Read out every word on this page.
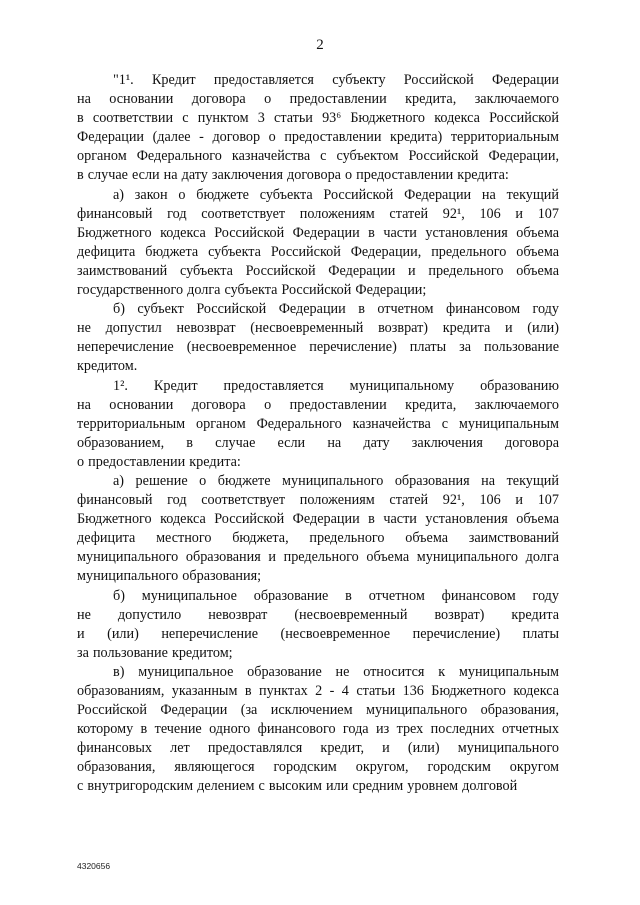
2
"1¹. Кредит предоставляется субъекту Российской Федерации
на основании договора о предоставлении кредита, заключаемого
в соответствии с пунктом 3 статьи 93⁶ Бюджетного кодекса Российской
Федерации (далее - договор о предоставлении кредита) территориальным
органом Федерального казначейства с субъектом Российской Федерации,
в случае если на дату заключения договора о предоставлении кредита:
а) закон о бюджете субъекта Российской Федерации на текущий
финансовый год соответствует положениям статей 92¹, 106 и 107
Бюджетного кодекса Российской Федерации в части установления объема
дефицита бюджета субъекта Российской Федерации, предельного объема
заимствований субъекта Российской Федерации и предельного объема
государственного долга субъекта Российской Федерации;
б) субъект Российской Федерации в отчетном финансовом году
не допустил невозврат (несвоевременный возврат) кредита и (или)
неперечисление (несвоевременное перечисление) платы за пользование
кредитом.
1². Кредит предоставляется муниципальному образованию
на основании договора о предоставлении кредита, заключаемого
территориальным органом Федерального казначейства с муниципальным
образованием, в случае если на дату заключения договора
о предоставлении кредита:
а) решение о бюджете муниципального образования на текущий
финансовый год соответствует положениям статей 92¹, 106 и 107
Бюджетного кодекса Российской Федерации в части установления объема
дефицита местного бюджета, предельного объема заимствований
муниципального образования и предельного объема муниципального долга
муниципального образования;
б) муниципальное образование в отчетном финансовом году
не допустило невозврат (несвоевременный возврат) кредита
и (или) неперечисление (несвоевременное перечисление) платы
за пользование кредитом;
в) муниципальное образование не относится к муниципальным
образованиям, указанным в пунктах 2 - 4 статьи 136 Бюджетного кодекса
Российской Федерации (за исключением муниципального образования,
которому в течение одного финансового года из трех последних отчетных
финансовых лет предоставлялся кредит, и (или) муниципального
образования, являющегося городским округом, городским округом
с внутригородским делением с высоким или средним уровнем долговой
4320656
